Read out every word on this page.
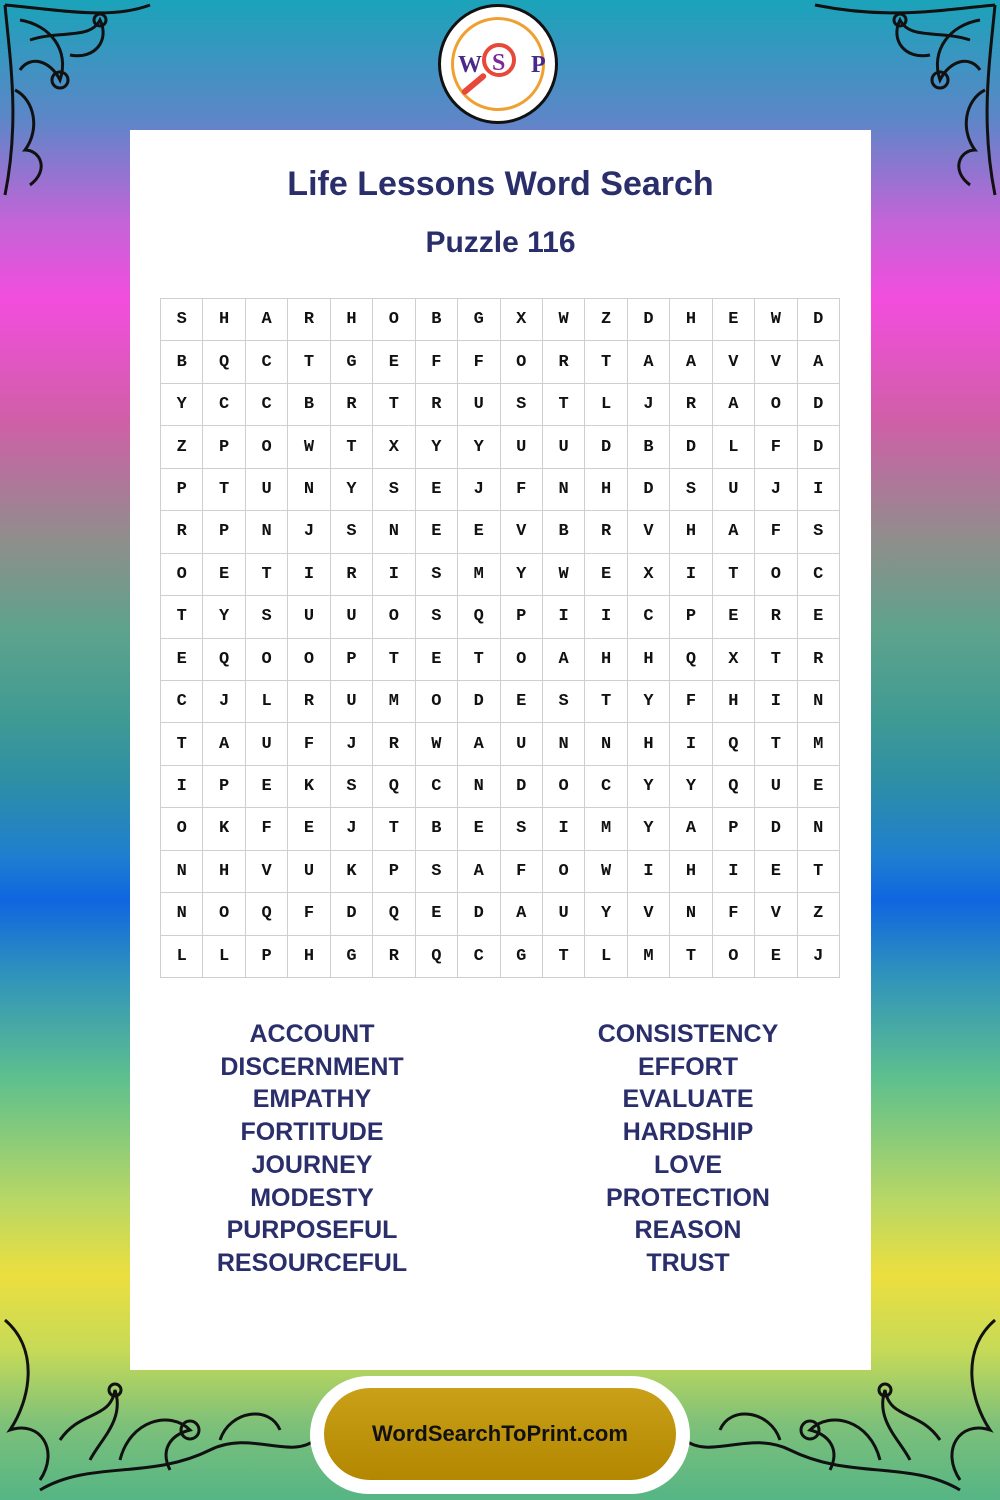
W S P
Life Lessons Word Search
Puzzle 116
S	H	A	R	H	O	B	G	X	W	Z	D	H	E	W	D
B	Q	C	T	G	E	F	F	O	R	T	A	A	V	V	A
Y	C	C	B	R	T	R	U	S	T	L	J	R	A	O	D
Z	P	O	W	T	X	Y	Y	U	U	D	B	D	L	F	D
P	T	U	N	Y	S	E	J	F	N	H	D	S	U	J	I
R	P	N	J	S	N	E	E	V	B	R	V	H	A	F	S
O	E	T	I	R	I	S	M	Y	W	E	X	I	T	O	C
T	Y	S	U	U	O	S	Q	P	I	I	C	P	E	R	E
E	Q	O	O	P	T	E	T	O	A	H	H	Q	X	T	R
C	J	L	R	U	M	O	D	E	S	T	Y	F	H	I	N
T	A	U	F	J	R	W	A	U	N	N	H	I	Q	T	M
I	P	E	K	S	Q	C	N	D	O	C	Y	Y	Q	U	E
O	K	F	E	J	T	B	E	S	I	M	Y	A	P	D	N
N	H	V	U	K	P	S	A	F	O	W	I	H	I	E	T
N	O	Q	F	D	Q	E	D	A	U	Y	V	N	F	V	Z
L	L	P	H	G	R	Q	C	G	T	L	M	T	O	E	J
ACCOUNT
DISCERNMENT
EMPATHY
FORTITUDE
JOURNEY
MODESTY
PURPOSEFUL
RESOURCEFUL
CONSISTENCY
EFFORT
EVALUATE
HARDSHIP
LOVE
PROTECTION
REASON
TRUST
WordSearchToPrint.com
